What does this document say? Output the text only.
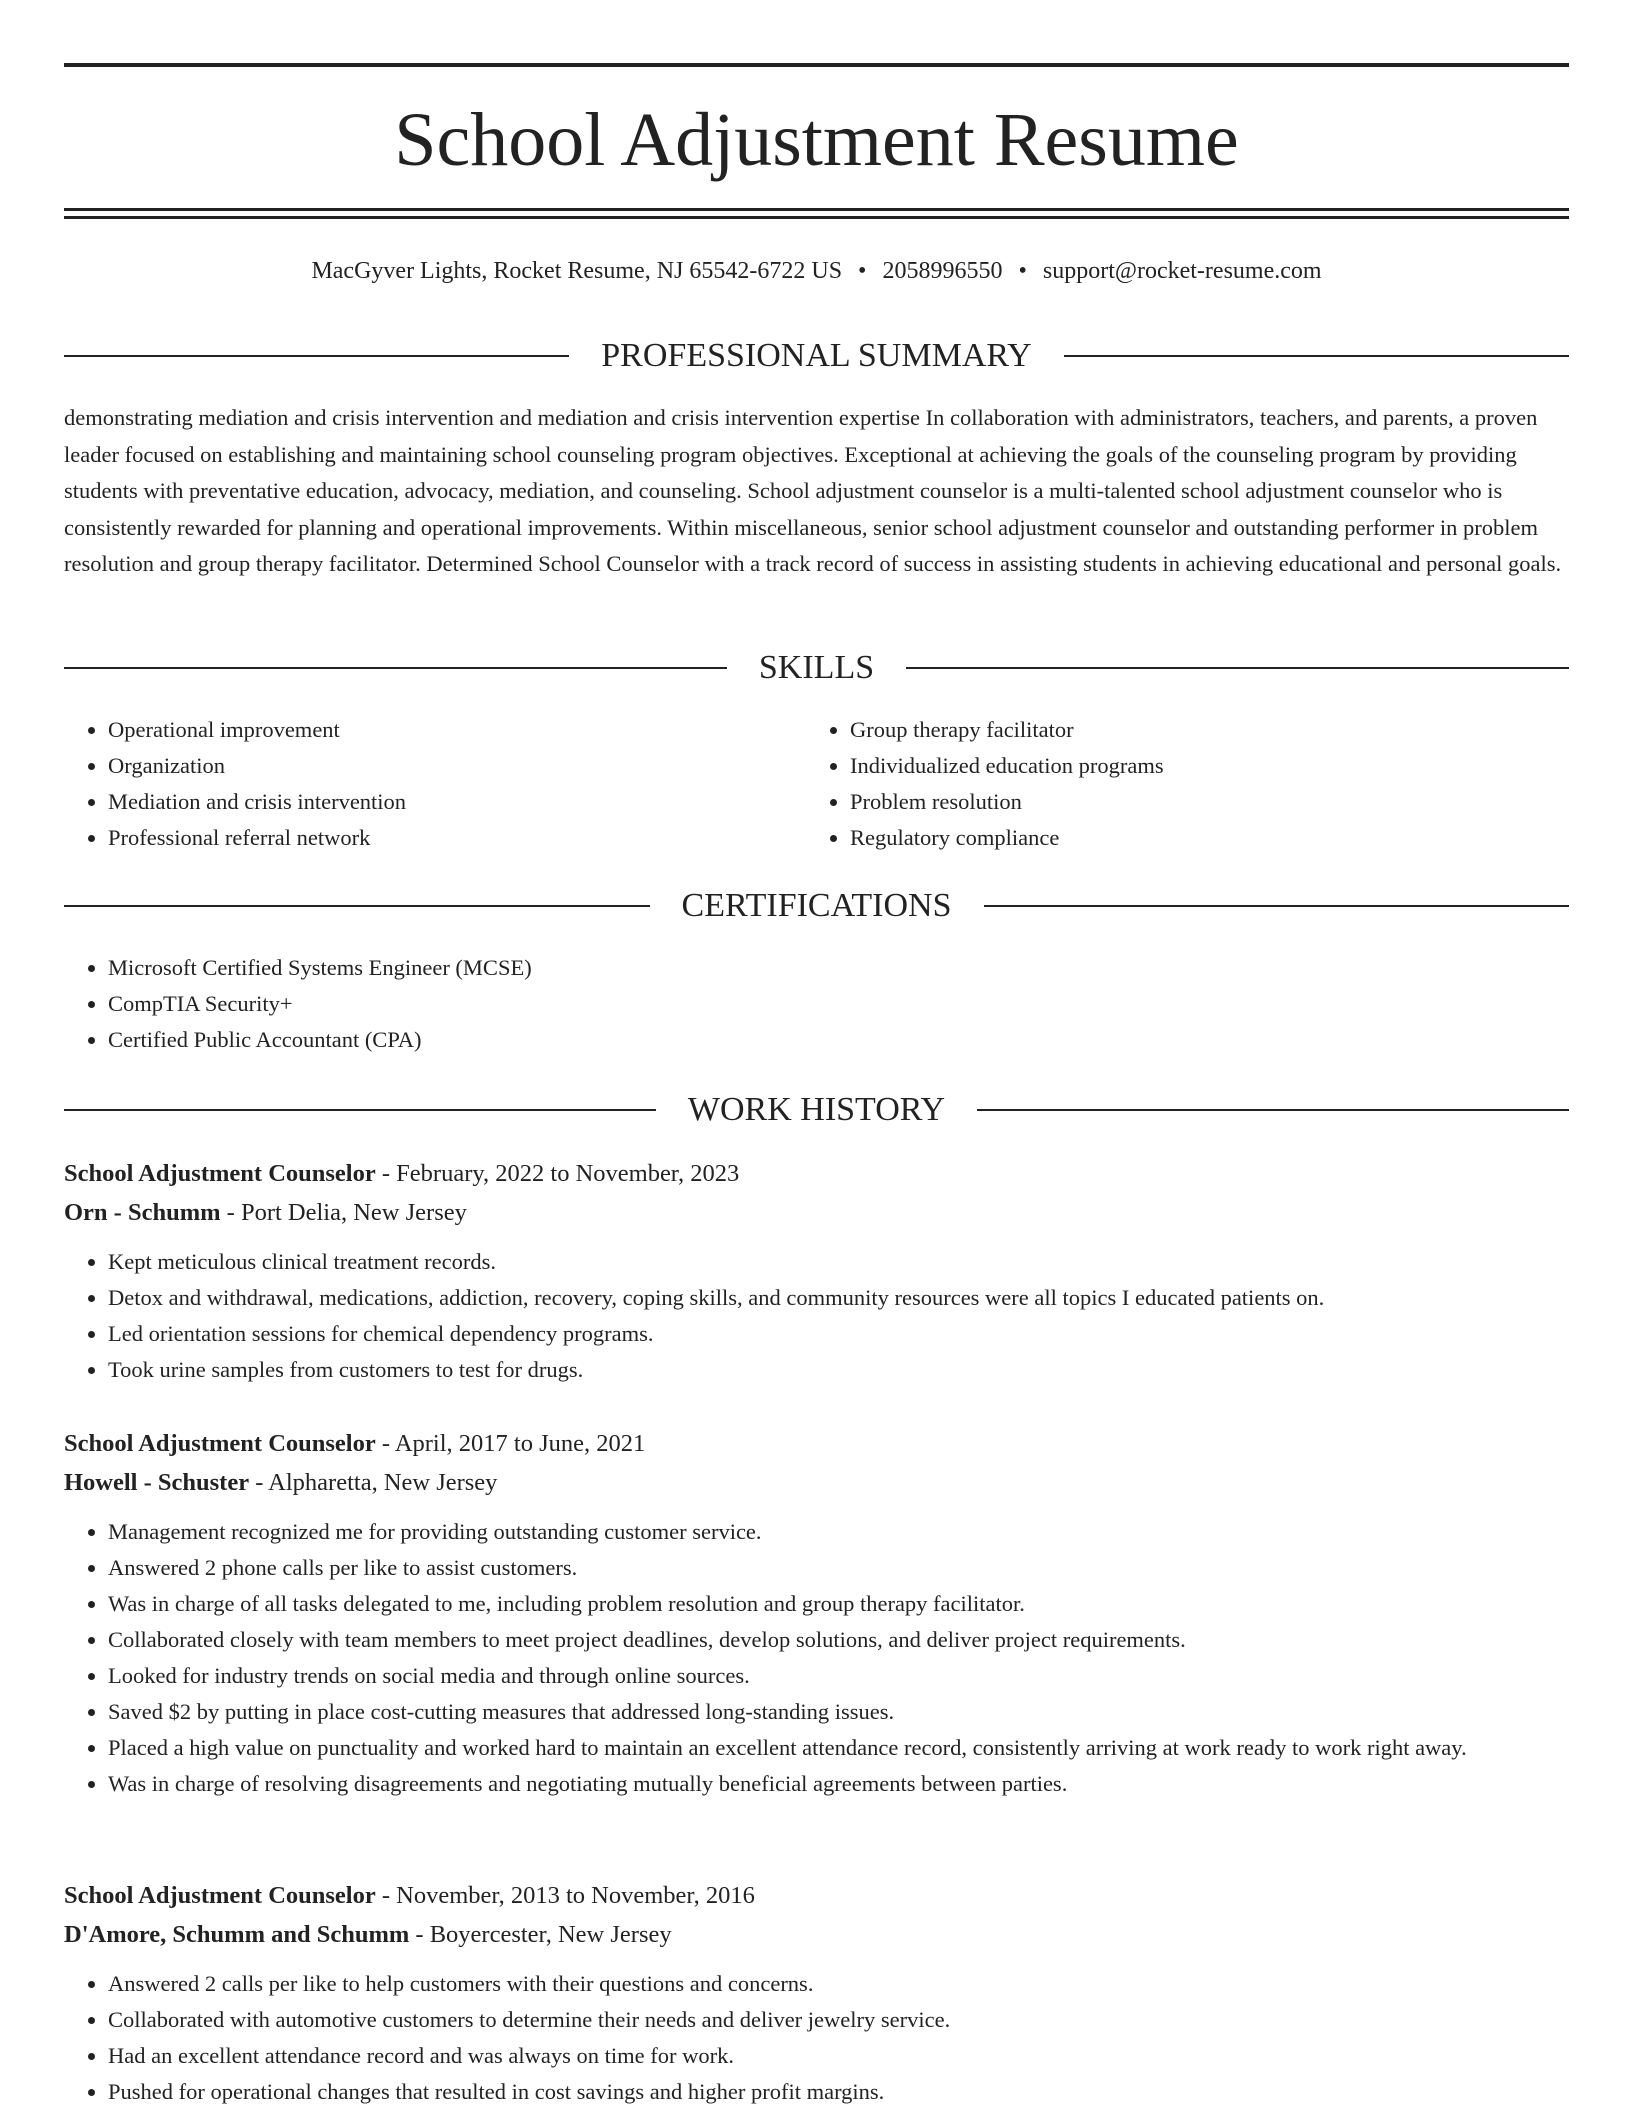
School Adjustment Resume
MacGyver Lights, Rocket Resume, NJ 65542-6722 US • 2058996550 • support@rocket-resume.com
PROFESSIONAL SUMMARY

demonstrating mediation and crisis intervention and mediation and crisis intervention expertise In collaboration with administrators, teachers, and parents, a proven leader focused on establishing and maintaining school counseling program objectives. Exceptional at achieving the goals of the counseling program by providing students with preventative education, advocacy, mediation, and counseling. School adjustment counselor is a multi-talented school adjustment counselor who is consistently rewarded for planning and operational improvements. Within miscellaneous, senior school adjustment counselor and outstanding performer in problem resolution and group therapy facilitator. Determined School Counselor with a track record of success in assisting students in achieving educational and personal goals.

SKILLS
• Operational improvement
• Organization
• Mediation and crisis intervention
• Professional referral network
• Group therapy facilitator
• Individualized education programs
• Problem resolution
• Regulatory compliance
CERTIFICATIONS
• Microsoft Certified Systems Engineer (MCSE)
• CompTIA Security+
• Certified Public Accountant (CPA)
WORK HISTORY
School Adjustment Counselor - February, 2022 to November, 2023
Orn - Schumm - Port Delia, New Jersey
• Kept meticulous clinical treatment records.
• Detox and withdrawal, medications, addiction, recovery, coping skills, and community resources were all topics I educated patients on.
• Led orientation sessions for chemical dependency programs.
• Took urine samples from customers to test for drugs.
School Adjustment Counselor - April, 2017 to June, 2021
Howell - Schuster - Alpharetta, New Jersey
• Management recognized me for providing outstanding customer service.
• Answered 2 phone calls per like to assist customers.
• Was in charge of all tasks delegated to me, including problem resolution and group therapy facilitator.
• Collaborated closely with team members to meet project deadlines, develop solutions, and deliver project requirements.
• Looked for industry trends on social media and through online sources.
• Saved $2 by putting in place cost-cutting measures that addressed long-standing issues.
• Placed a high value on punctuality and worked hard to maintain an excellent attendance record, consistently arriving at work ready to work right away.
• Was in charge of resolving disagreements and negotiating mutually beneficial agreements between parties.
School Adjustment Counselor - November, 2013 to November, 2016
D'Amore, Schumm and Schumm - Boyercester, New Jersey
• Answered 2 calls per like to help customers with their questions and concerns.
• Collaborated with automotive customers to determine their needs and deliver jewelry service.
• Had an excellent attendance record and was always on time for work.
• Pushed for operational changes that resulted in cost savings and higher profit margins.
